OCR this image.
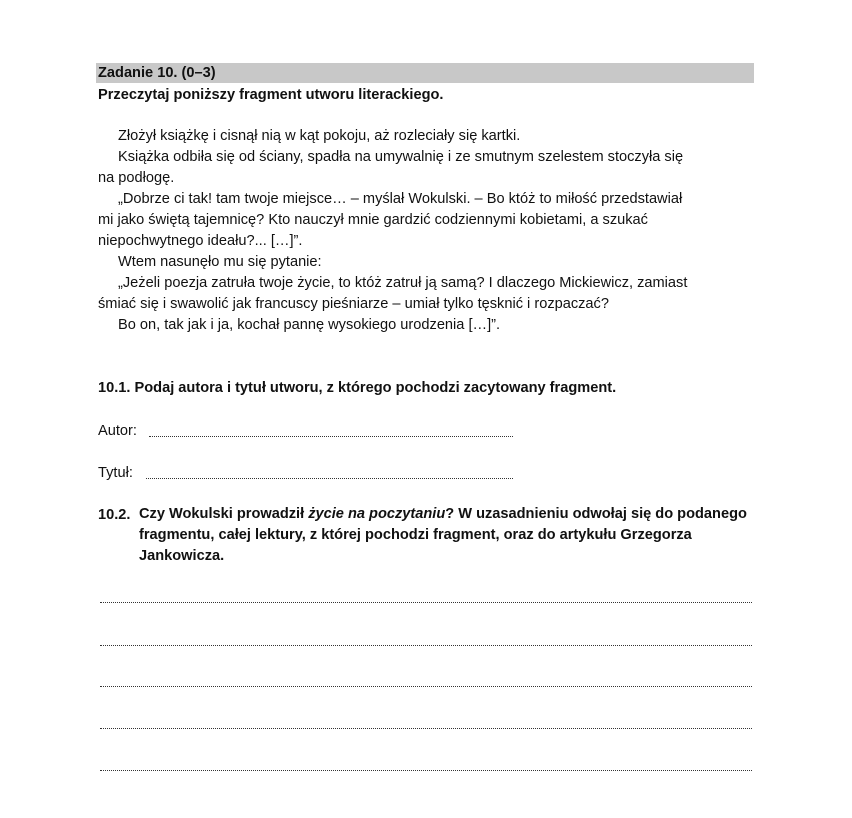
Zadanie 10. (0–3)
Przeczytaj poniższy fragment utworu literackiego.
Złożył książkę i cisnął nią w kąt pokoju, aż rozleciały się kartki.
Książka odbiła się od ściany, spadła na umywalnię i ze smutnym szelestem stoczyła się
na podłogę.
„Dobrze ci tak! tam twoje miejsce… – myślał Wokulski. – Bo któż to miłość przedstawiał
mi jako świętą tajemnicę? Kto nauczył mnie gardzić codziennymi kobietami, a szukać
niepochwytnego ideału?... […]”.
Wtem nasunęło mu się pytanie:
„Jeżeli poezja zatruła twoje życie, to któż zatruł ją samą? I dlaczego Mickiewicz, zamiast
śmiać się i swawolić jak francuscy pieśniarze – umiał tylko tęsknić i rozpaczać?
Bo on, tak jak i ja, kochał pannę wysokiego urodzenia […]”.
10.1. Podaj autora i tytuł utworu, z którego pochodzi zacytowany fragment.
Autor:
Tytuł:
10.2. Czy Wokulski prowadził życie na poczytaniu? W uzasadnieniu odwołaj się do podanego fragmentu, całej lektury, z której pochodzi fragment, oraz do artykułu Grzegorza Jankowicza.
